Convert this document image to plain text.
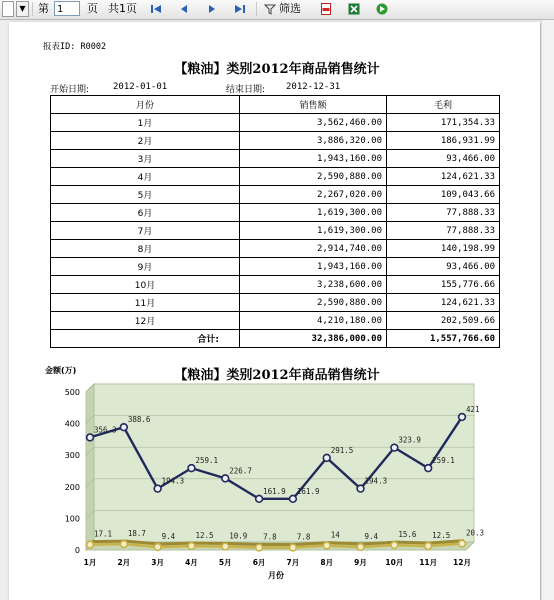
▼	第 1	页 共1页	筛选
报表ID: R0002
【粮油】类别2012年商品销售统计
开始日期:	2012-01-01	结束日期: 2012-12-31
月份	销售额	毛利
1月	3,562,460.00	171,354.33
2月	3,886,320.00	186,931.99
3月	1,943,160.00	93,466.00
4月	2,590,880.00	124,621.33
5月	2,267,020.00	109,043.66
6月	1,619,300.00	77,888.33
7月	1,619,300.00	77,888.33
8月	2,914,740.00	140,198.99
9月	1,943,160.00	93,466.00
10月	3,238,600.00	155,776.66
11月	2,590,880.00	124,621.33
12月	4,210,180.00	202,509.66
合计:	32,386,000.00	1,557,766.60
金额(万)	【粮油】类别2012年商品销售统计
0
100
200
300
400
500
1月	2月	3月	4月	5月	6月	7月	8月	9月 10月 11月 12月
月份
356.3
388.6
194.3
259.1
226.7
161.9 161.9
291.5
194.3
323.9
259.1
421
17.1 18.7 9.4	12.5 10.9 7.8	7.8	14	9.4	15.6 12.5 20.3
